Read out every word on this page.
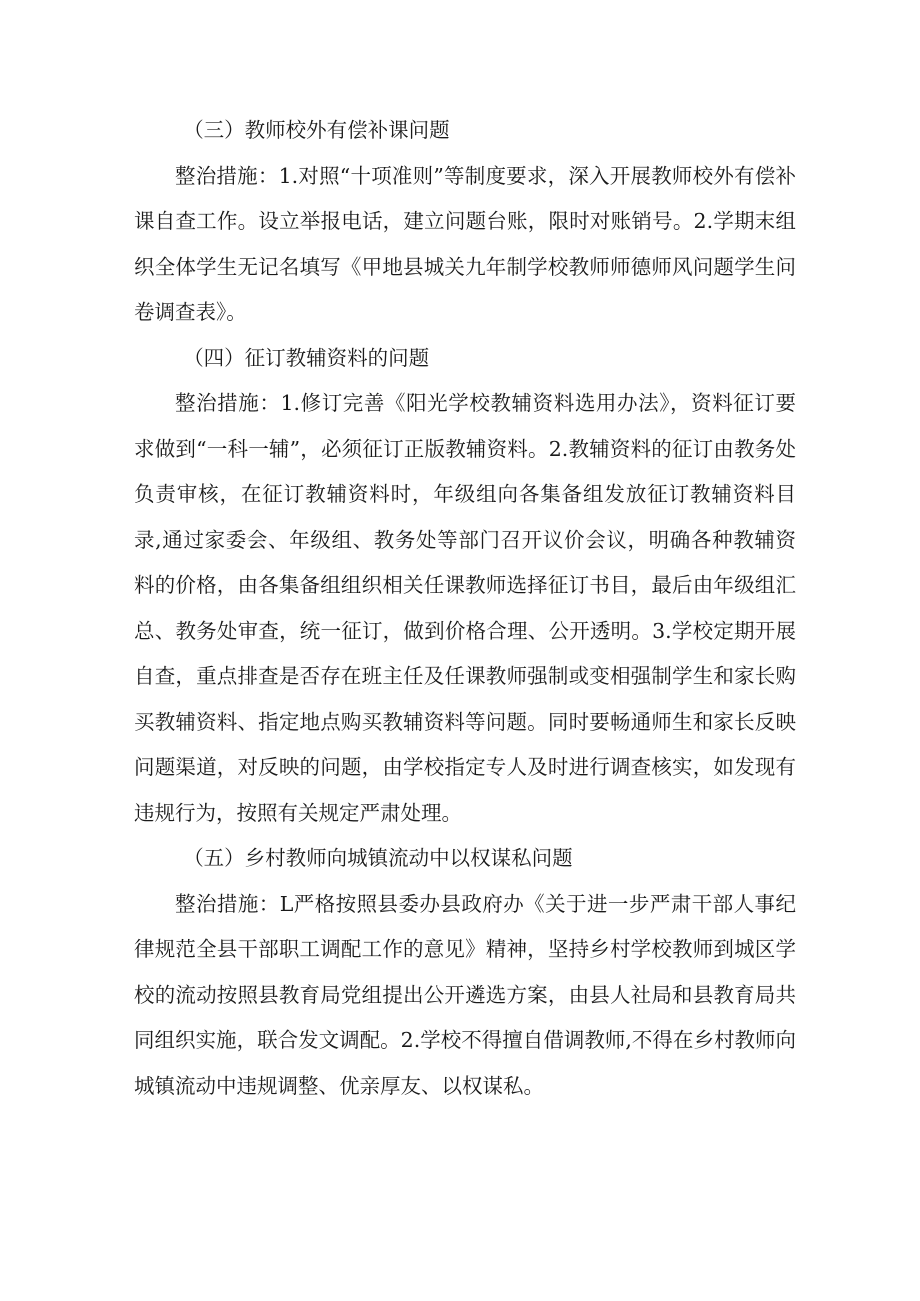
（三）教师校外有偿补课问题

整治措施：1.对照“十项准则”等制度要求，深入开展教师校外有偿补课自查工作。设立举报电话，建立问题台账，限时对账销号。2.学期末组织全体学生无记名填写《甲地县城关九年制学校教师师德师风问题学生问卷调查表》。

（四）征订教辅资料的问题

整治措施：1.修订完善《阳光学校教辅资料选用办法》，资料征订要求做到“一科一辅”，必须征订正版教辅资料。2.教辅资料的征订由教务处负责审核，在征订教辅资料时，年级组向各集备组发放征订教辅资料目录,通过家委会、年级组、教务处等部门召开议价会议，明确各种教辅资料的价格，由各集备组组织相关任课教师选择征订书目，最后由年级组汇总、教务处审查，统一征订，做到价格合理、公开透明。3.学校定期开展自查，重点排查是否存在班主任及任课教师强制或变相强制学生和家长购买教辅资料、指定地点购买教辅资料等问题。同时要畅通师生和家长反映问题渠道，对反映的问题，由学校指定专人及时进行调查核实，如发现有违规行为，按照有关规定严肃处理。

（五）乡村教师向城镇流动中以权谋私问题

整治措施：L严格按照县委办县政府办《关于进一步严肃干部人事纪律规范全县干部职工调配工作的意见》精神，坚持乡村学校教师到城区学校的流动按照县教育局党组提出公开遴选方案，由县人社局和县教育局共同组织实施，联合发文调配。2.学校不得擅自借调教师,不得在乡村教师向城镇流动中违规调整、优亲厚友、以权谋私。
